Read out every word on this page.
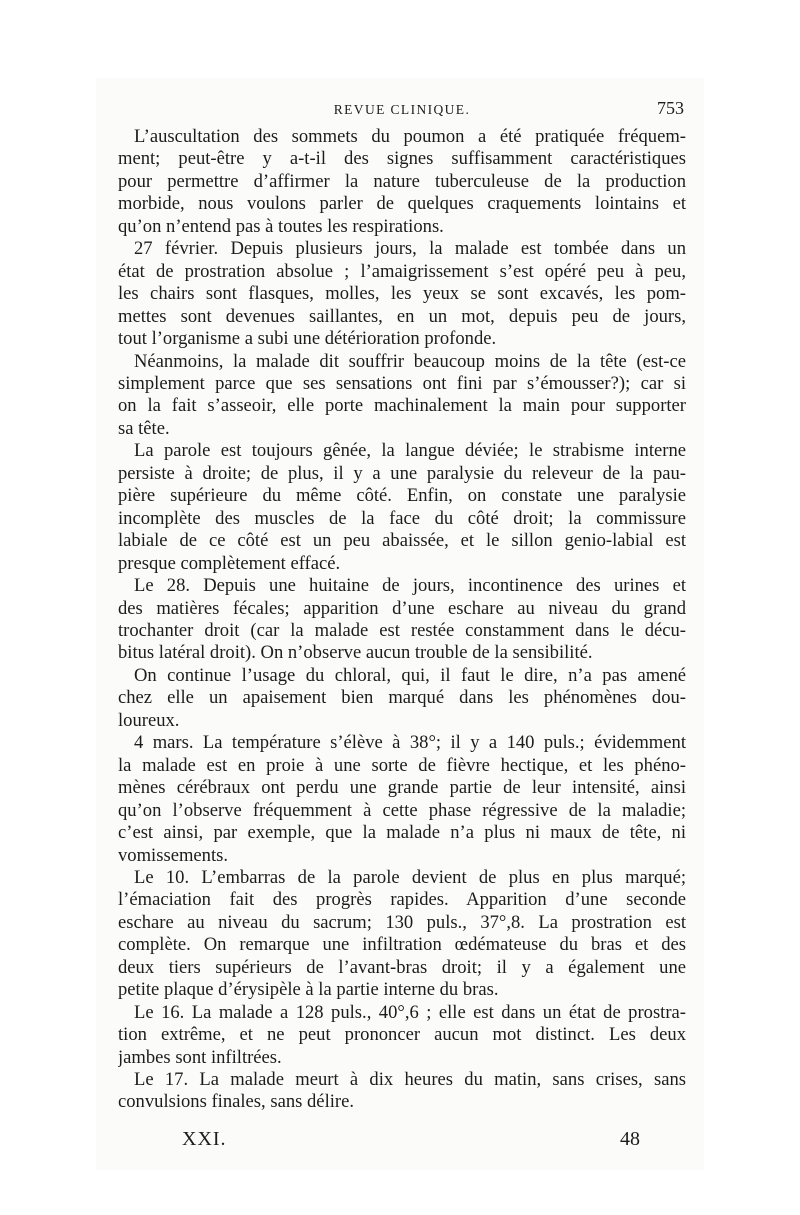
REVUE CLINIQUE.	753

L’auscultation des sommets du poumon a été pratiquée fréquem-
ment; peut-être y a-t-il des signes suffisamment caractéristiques
pour permettre d’affirmer la nature tuberculeuse de la production
morbide, nous voulons parler de quelques craquements lointains et
qu’on n’entend pas à toutes les respirations.

27 février. Depuis plusieurs jours, la malade est tombée dans un
état de prostration absolue ; l’amaigrissement s’est opéré peu à peu,
les chairs sont flasques, molles, les yeux se sont excavés, les pom-
mettes sont devenues saillantes, en un mot, depuis peu de jours,
tout l’organisme a subi une détérioration profonde.

Néanmoins, la malade dit souffrir beaucoup moins de la tête (est-ce
simplement parce que ses sensations ont fini par s’émousser?); car si
on la fait s’asseoir, elle porte machinalement la main pour supporter
sa tête.

La parole est toujours gênée, la langue déviée; le strabisme interne
persiste à droite; de plus, il y a une paralysie du releveur de la pau-
pière supérieure du même côté. Enfin, on constate une paralysie
incomplète des muscles de la face du côté droit; la commissure
labiale de ce côté est un peu abaissée, et le sillon genio-labial est
presque complètement effacé.

Le 28. Depuis une huitaine de jours, incontinence des urines et
des matières fécales; apparition d’une eschare au niveau du grand
trochanter droit (car la malade est restée constamment dans le décu-
bitus latéral droit). On n’observe aucun trouble de la sensibilité.

On continue l’usage du chloral, qui, il faut le dire, n’a pas amené
chez elle un apaisement bien marqué dans les phénomènes dou-
loureux.

4 mars. La température s’élève à 38°; il y a 140 puls.; évidemment
la malade est en proie à une sorte de fièvre hectique, et les phéno-
mènes cérébraux ont perdu une grande partie de leur intensité, ainsi
qu’on l’observe fréquemment à cette phase régressive de la maladie;
c’est ainsi, par exemple, que la malade n’a plus ni maux de tête, ni
vomissements.

Le 10. L’embarras de la parole devient de plus en plus marqué;
l’émaciation fait des progrès rapides. Apparition d’une seconde
eschare au niveau du sacrum; 130 puls., 37°,8. La prostration est
complète. On remarque une infiltration œdémateuse du bras et des
deux tiers supérieurs de l’avant-bras droit; il y a également une
petite plaque d’érysipèle à la partie interne du bras.

Le 16. La malade a 128 puls., 40°,6 ; elle est dans un état de prostra-
tion extrême, et ne peut prononcer aucun mot distinct. Les deux
jambes sont infiltrées.

Le 17. La malade meurt à dix heures du matin, sans crises, sans
convulsions finales, sans délire.

XXI.	48
